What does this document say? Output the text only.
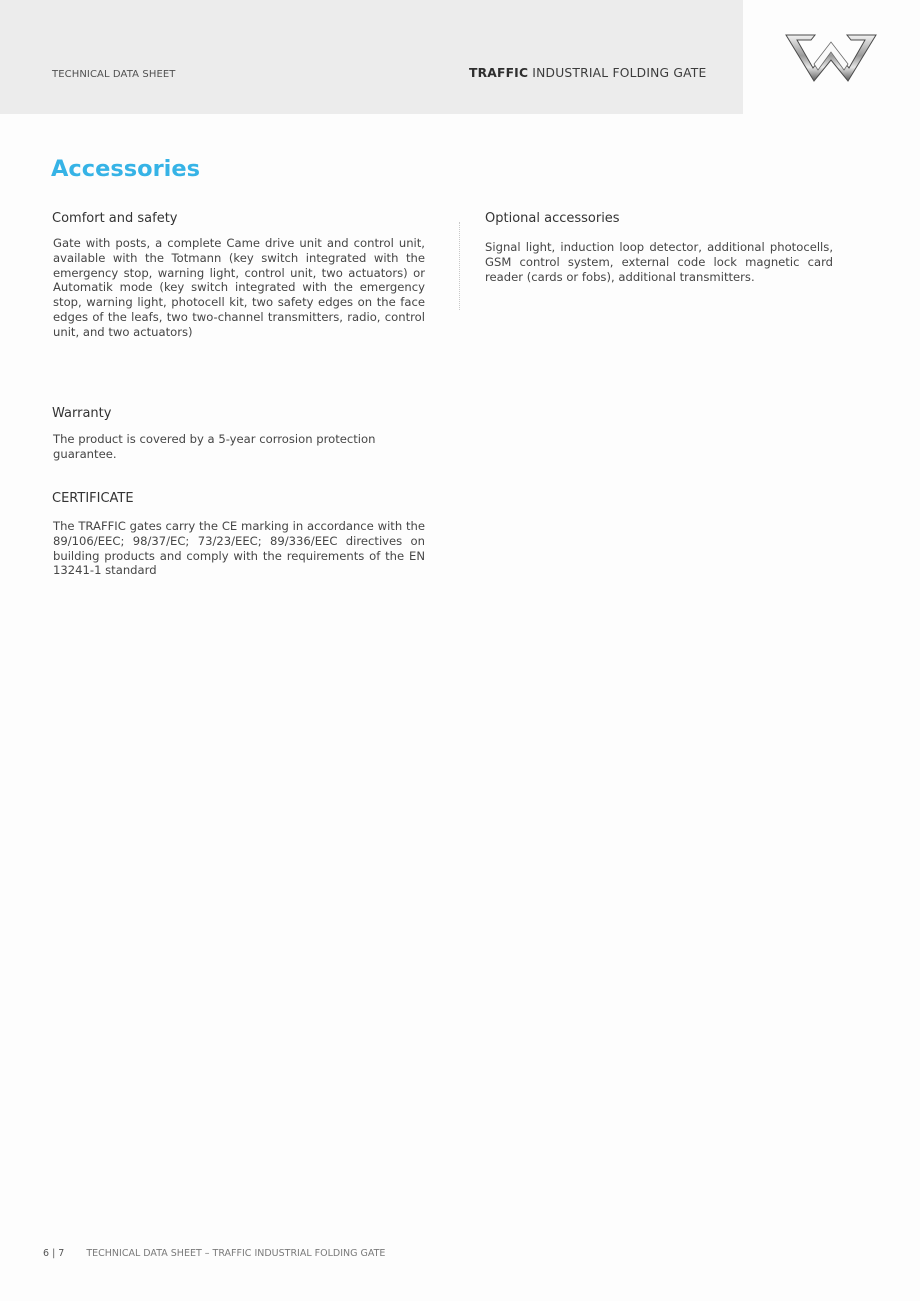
TECHNICAL DATA SHEET	TRAFFIC INDUSTRIAL FOLDING GATE
Accessories
Comfort and safety

Gate with posts, a complete Came drive unit and control unit, available with the Totmann (key switch integrated with the emergency stop, warning light, control unit, two actuators) or Automatik mode (key switch integrated with the emergency stop, warning light, photocell kit, two safety edges on the face edges of the leafs, two two-channel transmitters, radio, control unit, and two actuators)

Optional accessories

Signal light, induction loop detector, additional photocells, GSM control system, external code lock magnetic card reader (cards or fobs), additional transmitters.

Warranty

The product is covered by a 5-year corrosion protection guarantee.

CERTIFICATE

The TRAFFIC gates carry the CE marking in accordance with the 89/106/EEC; 98/37/EC; 73/23/EEC; 89/336/EEC directives on building products and comply with the requirements of the EN 13241-1 standard

6 | 7 TECHNICAL DATA SHEET – TRAFFIC INDUSTRIAL FOLDING GATE
